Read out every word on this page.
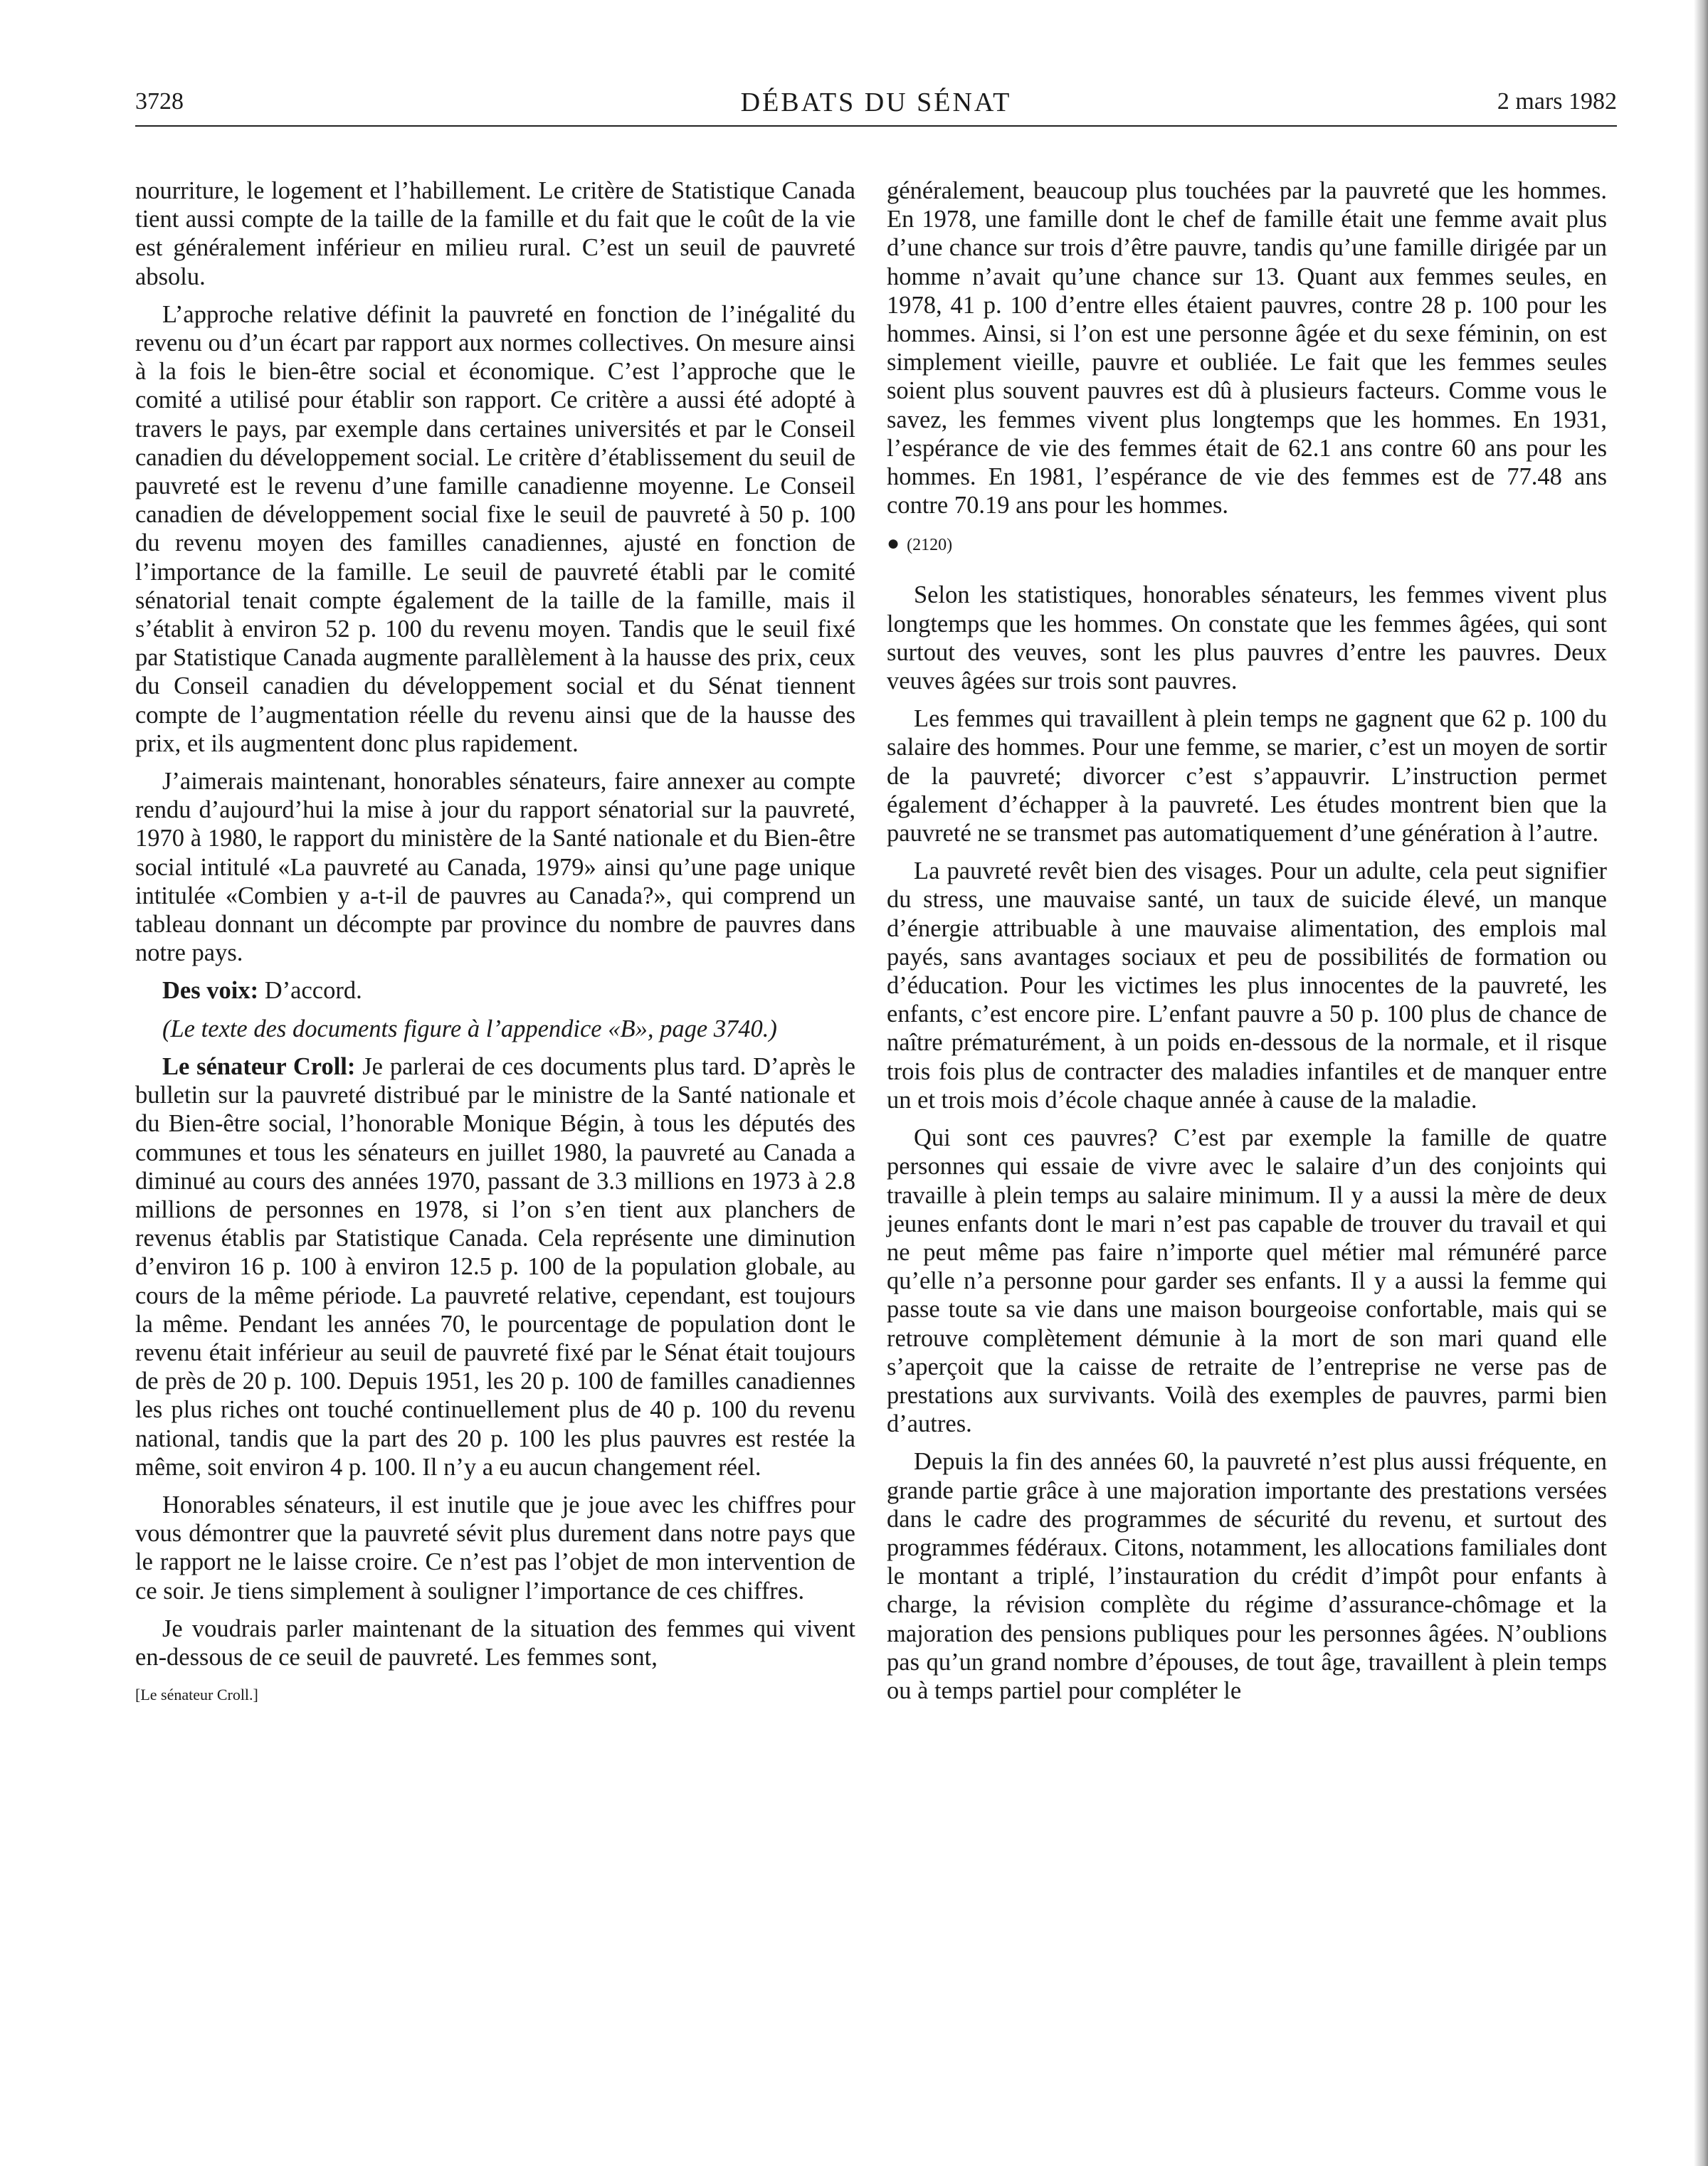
3728	DÉBATS DU SÉNAT	2 mars 1982

nourriture, le logement et l’habillement. Le critère de Statistique Canada tient aussi compte de la taille de la famille et du fait que le coût de la vie est généralement inférieur en milieu rural. C’est un seuil de pauvreté absolu.

L’approche relative définit la pauvreté en fonction de l’inégalité du revenu ou d’un écart par rapport aux normes collectives. On mesure ainsi à la fois le bien-être social et économique. C’est l’approche que le comité a utilisé pour établir son rapport. Ce critère a aussi été adopté à travers le pays, par exemple dans certaines universités et par le Conseil canadien du développement social. Le critère d’établissement du seuil de pauvreté est le revenu d’une famille canadienne moyenne. Le Conseil canadien de développement social fixe le seuil de pauvreté à 50 p. 100 du revenu moyen des familles canadiennes, ajusté en fonction de l’importance de la famille. Le seuil de pauvreté établi par le comité sénatorial tenait compte également de la taille de la famille, mais il s’établit à environ 52 p. 100 du revenu moyen. Tandis que le seuil fixé par Statistique Canada augmente parallèlement à la hausse des prix, ceux du Conseil canadien du développement social et du Sénat tiennent compte de l’augmentation réelle du revenu ainsi que de la hausse des prix, et ils augmentent donc plus rapidement.

J’aimerais maintenant, honorables sénateurs, faire annexer au compte rendu d’aujourd’hui la mise à jour du rapport sénatorial sur la pauvreté, 1970 à 1980, le rapport du ministère de la Santé nationale et du Bien-être social intitulé «La pauvreté au Canada, 1979» ainsi qu’une page unique intitulée «Combien y a-t-il de pauvres au Canada?», qui comprend un tableau donnant un décompte par province du nombre de pauvres dans notre pays.

Des voix: D’accord.

(Le texte des documents figure à l’appendice «B», page 3740.)

Le sénateur Croll: Je parlerai de ces documents plus tard. D’après le bulletin sur la pauvreté distribué par le ministre de la Santé nationale et du Bien-être social, l’honorable Monique Bégin, à tous les députés des communes et tous les sénateurs en juillet 1980, la pauvreté au Canada a diminué au cours des années 1970, passant de 3.3 millions en 1973 à 2.8 millions de personnes en 1978, si l’on s’en tient aux planchers de revenus établis par Statistique Canada. Cela représente une diminution d’environ 16 p. 100 à environ 12.5 p. 100 de la population globale, au cours de la même période. La pauvreté relative, cependant, est toujours la même. Pendant les années 70, le pourcentage de population dont le revenu était inférieur au seuil de pauvreté fixé par le Sénat était toujours de près de 20 p. 100. Depuis 1951, les 20 p. 100 de familles canadiennes les plus riches ont touché continuellement plus de 40 p. 100 du revenu national, tandis que la part des 20 p. 100 les plus pauvres est restée la même, soit environ 4 p. 100. Il n’y a eu aucun changement réel.

Honorables sénateurs, il est inutile que je joue avec les chiffres pour vous démontrer que la pauvreté sévit plus durement dans notre pays que le rapport ne le laisse croire. Ce n’est pas l’objet de mon intervention de ce soir. Je tiens simplement à souligner l’importance de ces chiffres.

Je voudrais parler maintenant de la situation des femmes qui vivent en-dessous de ce seuil de pauvreté. Les femmes sont,

[Le sénateur Croll.]

généralement, beaucoup plus touchées par la pauvreté que les hommes. En 1978, une famille dont le chef de famille était une femme avait plus d’une chance sur trois d’être pauvre, tandis qu’une famille dirigée par un homme n’avait qu’une chance sur 13. Quant aux femmes seules, en 1978, 41 p. 100 d’entre elles étaient pauvres, contre 28 p. 100 pour les hommes. Ainsi, si l’on est une personne âgée et du sexe féminin, on est simplement vieille, pauvre et oubliée. Le fait que les femmes seules soient plus souvent pauvres est dû à plusieurs facteurs. Comme vous le savez, les femmes vivent plus longtemps que les hommes. En 1931, l’espérance de vie des femmes était de 62.1 ans contre 60 ans pour les hommes. En 1981, l’espérance de vie des femmes est de 77.48 ans contre 70.19 ans pour les hommes.

● (2120)

Selon les statistiques, honorables sénateurs, les femmes vivent plus longtemps que les hommes. On constate que les femmes âgées, qui sont surtout des veuves, sont les plus pauvres d’entre les pauvres. Deux veuves âgées sur trois sont pauvres.

Les femmes qui travaillent à plein temps ne gagnent que 62 p. 100 du salaire des hommes. Pour une femme, se marier, c’est un moyen de sortir de la pauvreté; divorcer c’est s’appauvrir. L’instruction permet également d’échapper à la pauvreté. Les études montrent bien que la pauvreté ne se transmet pas automatiquement d’une génération à l’autre.

La pauvreté revêt bien des visages. Pour un adulte, cela peut signifier du stress, une mauvaise santé, un taux de suicide élevé, un manque d’énergie attribuable à une mauvaise alimentation, des emplois mal payés, sans avantages sociaux et peu de possibilités de formation ou d’éducation. Pour les victimes les plus innocentes de la pauvreté, les enfants, c’est encore pire. L’enfant pauvre a 50 p. 100 plus de chance de naître prématurément, à un poids en-dessous de la normale, et il risque trois fois plus de contracter des maladies infantiles et de manquer entre un et trois mois d’école chaque année à cause de la maladie.

Qui sont ces pauvres? C’est par exemple la famille de quatre personnes qui essaie de vivre avec le salaire d’un des conjoints qui travaille à plein temps au salaire minimum. Il y a aussi la mère de deux jeunes enfants dont le mari n’est pas capable de trouver du travail et qui ne peut même pas faire n’importe quel métier mal rémunéré parce qu’elle n’a personne pour garder ses enfants. Il y a aussi la femme qui passe toute sa vie dans une maison bourgeoise confortable, mais qui se retrouve complètement démunie à la mort de son mari quand elle s’aperçoit que la caisse de retraite de l’entreprise ne verse pas de prestations aux survivants. Voilà des exemples de pauvres, parmi bien d’autres.

Depuis la fin des années 60, la pauvreté n’est plus aussi fréquente, en grande partie grâce à une majoration importante des prestations versées dans le cadre des programmes de sécurité du revenu, et surtout des programmes fédéraux. Citons, notamment, les allocations familiales dont le montant a triplé, l’instauration du crédit d’impôt pour enfants à charge, la révision complète du régime d’assurance-chômage et la majoration des pensions publiques pour les personnes âgées. N’oublions pas qu’un grand nombre d’épouses, de tout âge, travaillent à plein temps ou à temps partiel pour compléter le
